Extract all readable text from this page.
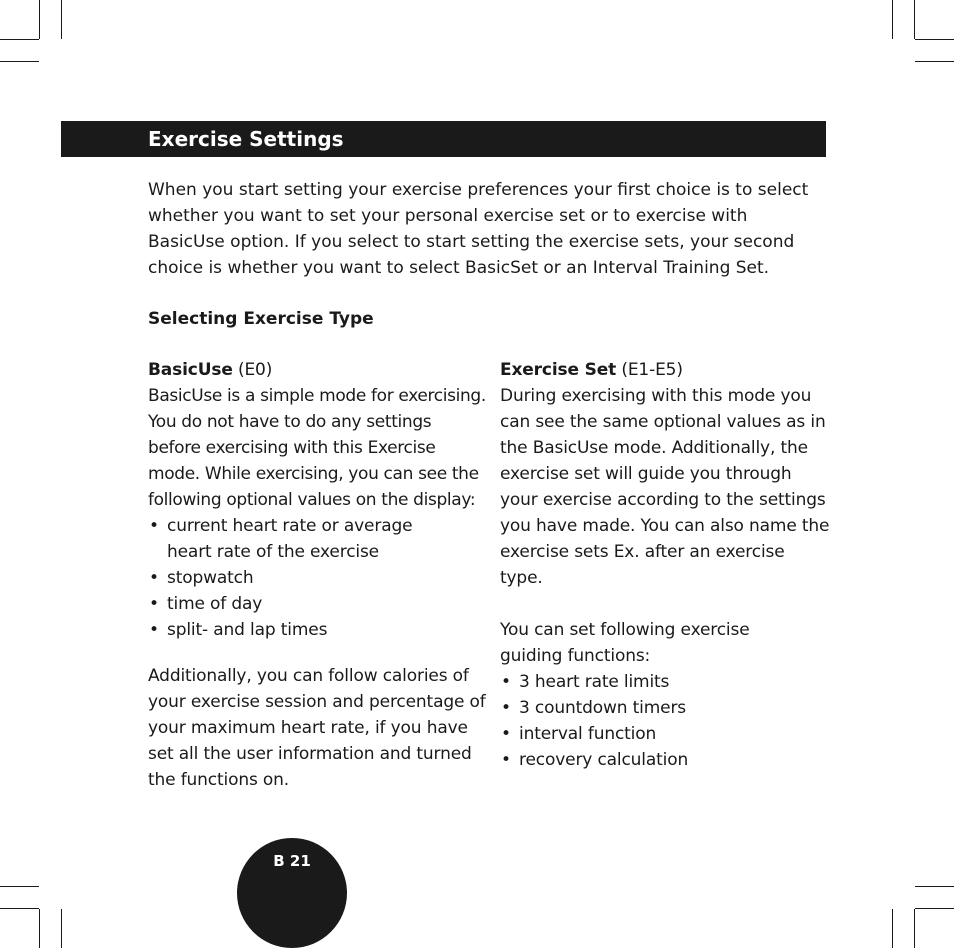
Exercise Settings

When you start setting your exercise preferences your first choice is to select whether you want to set your personal exercise set or to exercise with BasicUse option. If you select to start setting the exercise sets, your second choice is whether you want to select BasicSet or an Interval Training Set.

Selecting Exercise Type

BasicUse (E0)

BasicUse is a simple mode for exercising. You do not have to do any settings before exercising with this Exercise mode. While exercising, you can see the following optional values on the display:

• current heart rate or average heart rate of the exercise
• stopwatch
• time of day
• split- and lap times

Additionally, you can follow calories of your exercise session and percentage of your maximum heart rate, if you have set all the user information and turned the functions on.

Exercise Set (E1-E5)

During exercising with this mode you can see the same optional values as in the BasicUse mode. Additionally, the exercise set will guide you through your exercise according to the settings you have made. You can also name the exercise sets Ex. after an exercise type.

You can set following exercise guiding functions:

• 3 heart rate limits
• 3 countdown timers
• interval function
• recovery calculation
B 21
